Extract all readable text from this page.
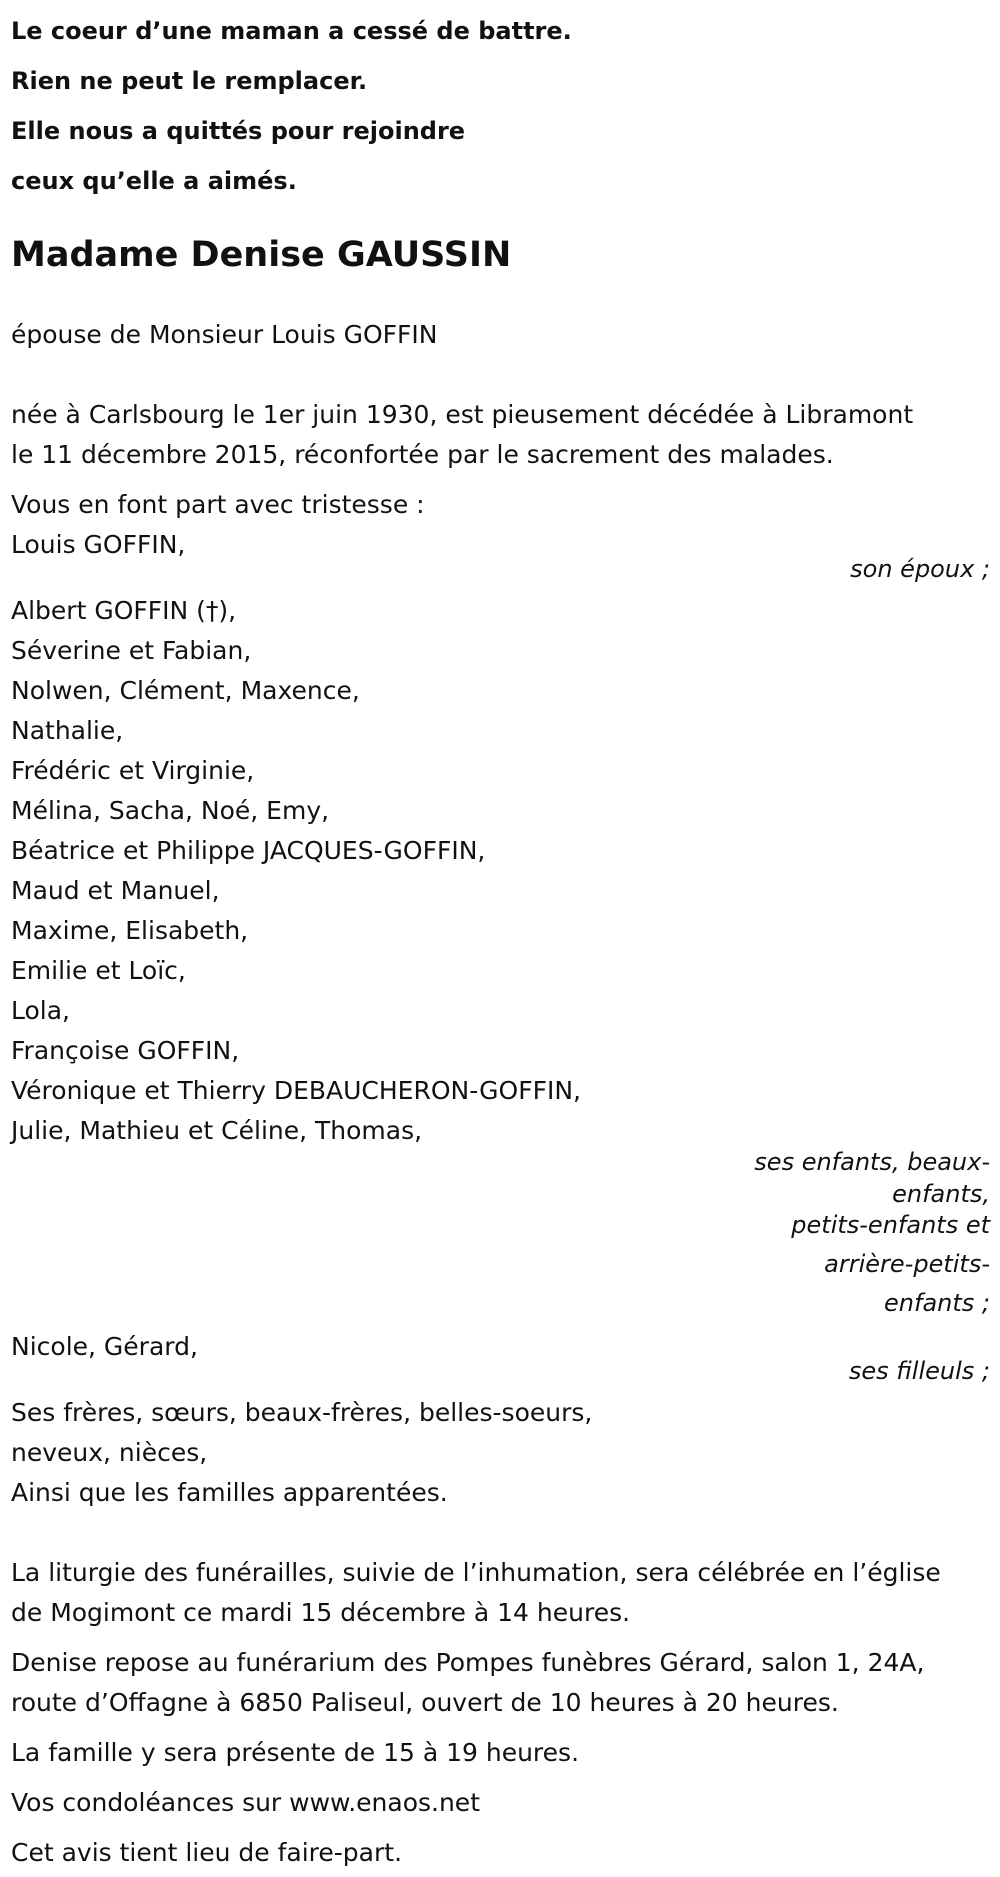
Le coeur d’une maman a cessé de battre.
Rien ne peut le remplacer.
Elle nous a quittés pour rejoindre
ceux qu’elle a aimés.
Madame Denise GAUSSIN
épouse de Monsieur Louis GOFFIN
née à Carlsbourg le 1er juin 1930, est pieusement décédée à Libramont
le 11 décembre 2015, réconfortée par le sacrement des malades.
Vous en font part avec tristesse :
Louis GOFFIN,
son époux ;
Albert GOFFIN (†),
Séverine et Fabian,
Nolwen, Clément, Maxence,
Nathalie,
Frédéric et Virginie,
Mélina, Sacha, Noé, Emy,
Béatrice et Philippe JACQUES-GOFFIN,
Maud et Manuel,
Maxime, Elisabeth,
Emilie et Loïc,
Lola,
Françoise GOFFIN,
Véronique et Thierry DEBAUCHERON-GOFFIN,
Julie, Mathieu et Céline, Thomas,
ses enfants, beaux-
enfants,
petits-enfants et
arrière-petits-
enfants ;
Nicole, Gérard,
ses filleuls ;
Ses frères, sœurs, beaux-frères, belles-soeurs,
neveux, nièces,
Ainsi que les familles apparentées.
La liturgie des funérailles, suivie de l’inhumation, sera célébrée en l’église
de Mogimont ce mardi 15 décembre à 14 heures.
Denise repose au funérarium des Pompes funèbres Gérard, salon 1, 24A,
route d’Offagne à 6850 Paliseul, ouvert de 10 heures à 20 heures.
La famille y sera présente de 15 à 19 heures.
Vos condoléances sur www.enaos.net
Cet avis tient lieu de faire-part.
